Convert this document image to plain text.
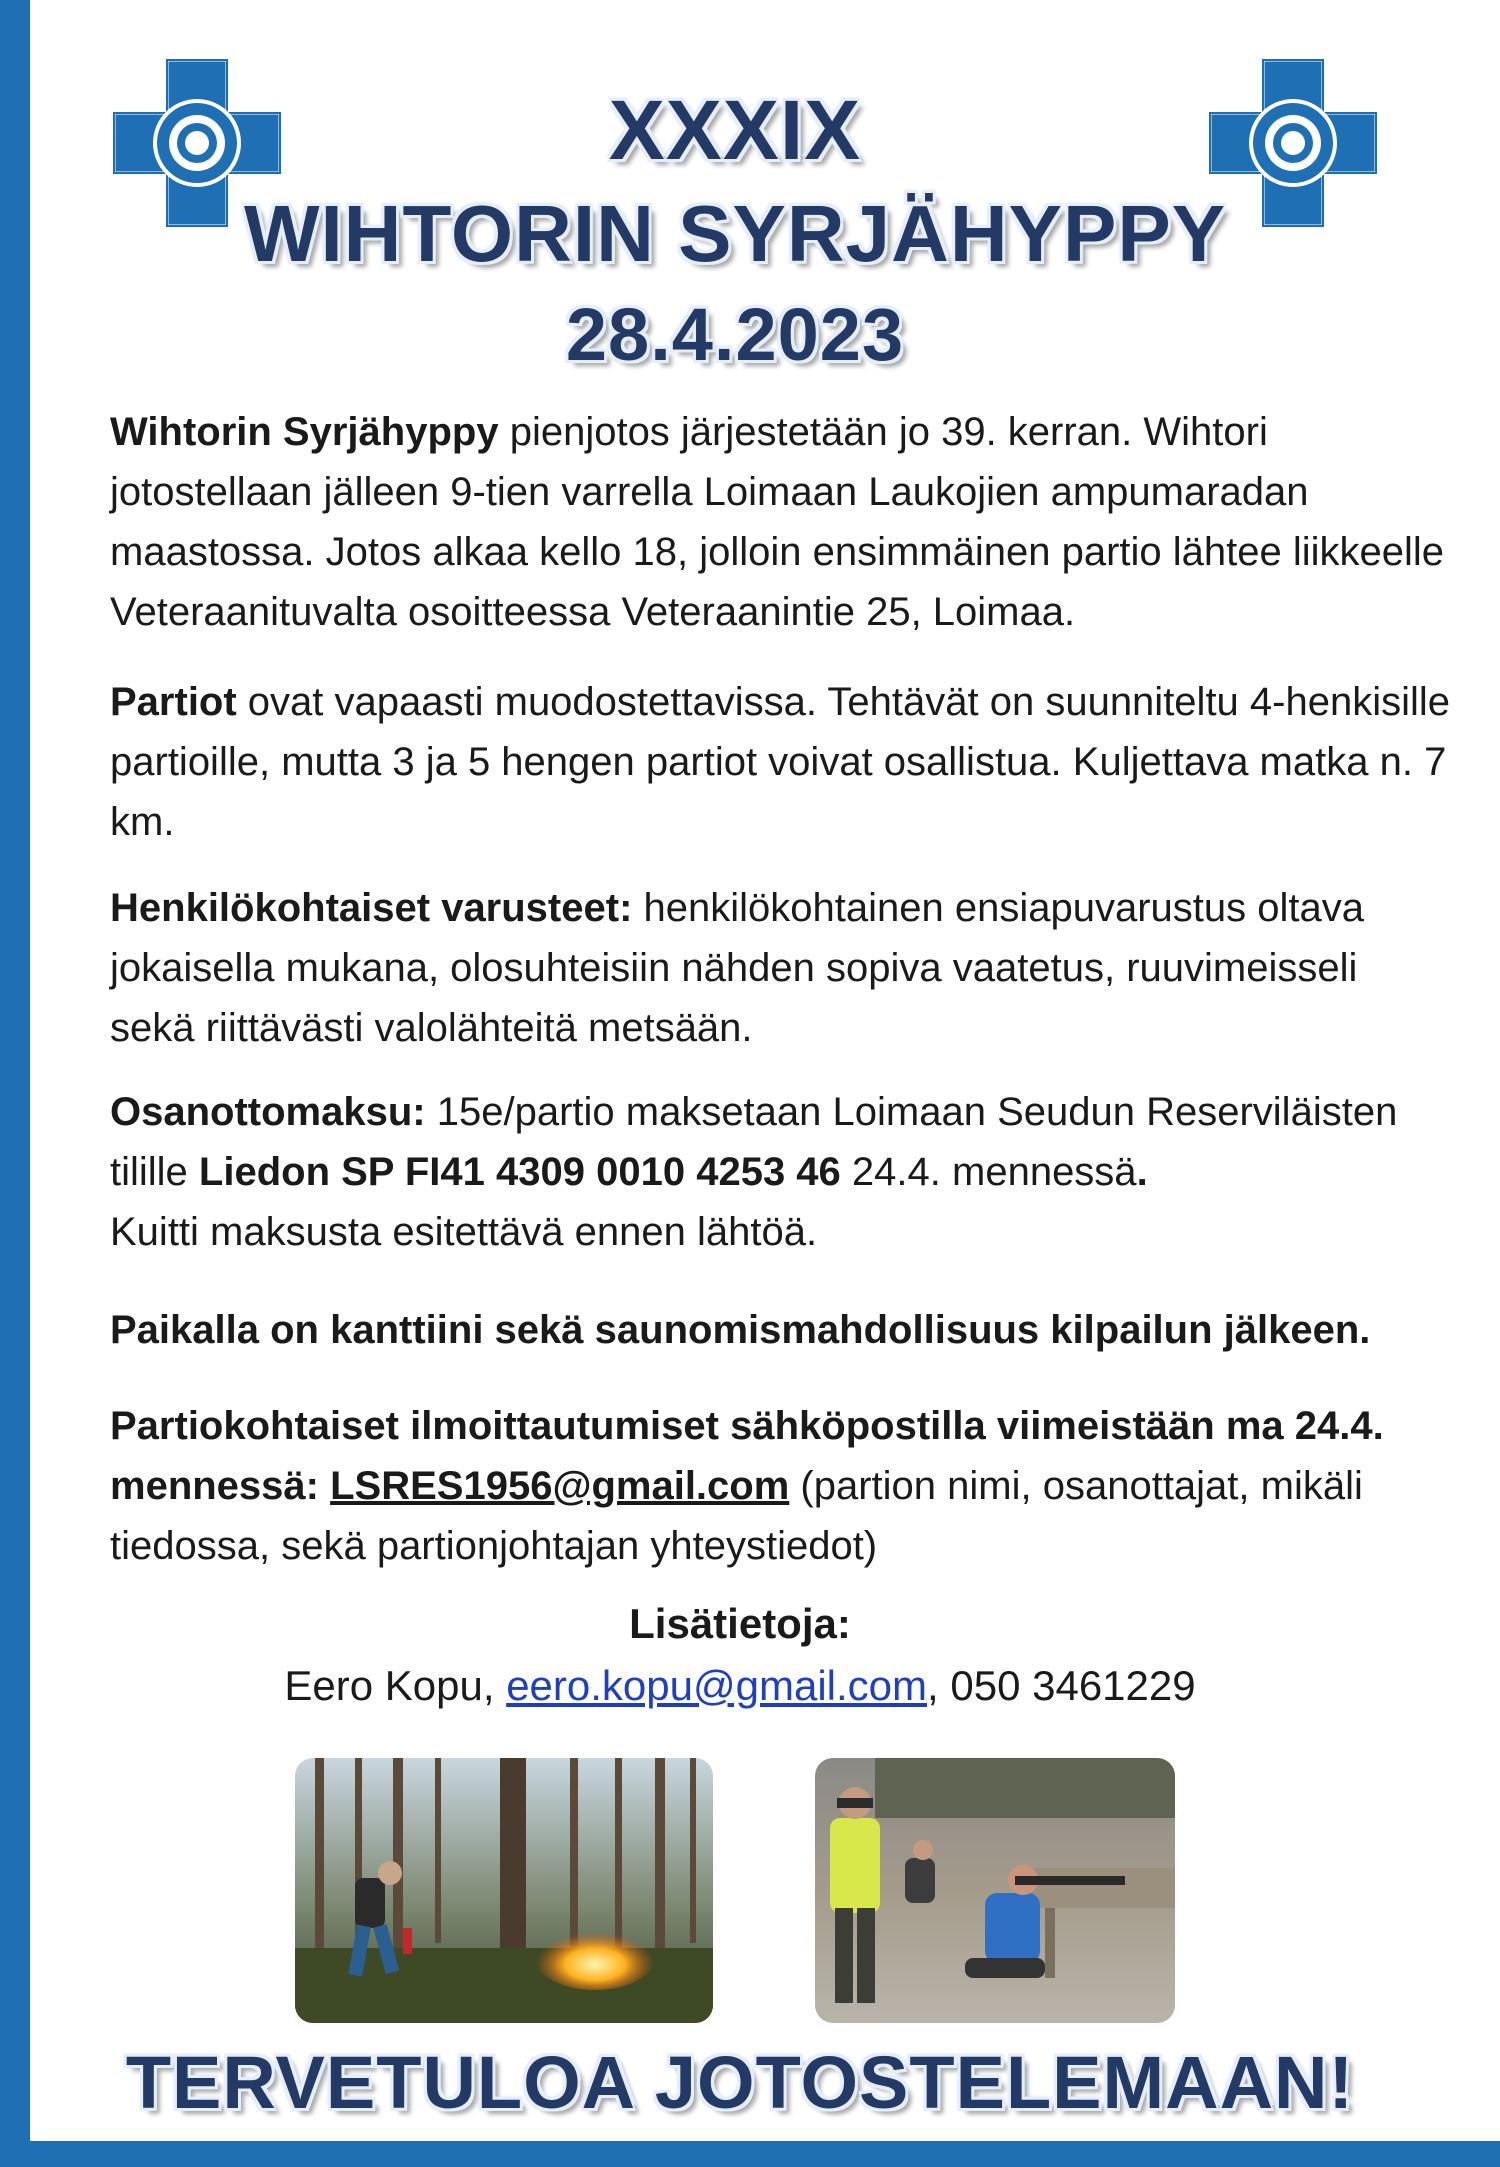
XXXIX
WIHTORIN SYRJÄHYPPY
28.4.2023
Wihtorin Syrjähyppy pienjotos järjestetään jo 39. kerran. Wihtori jotostellaan jälleen 9-tien varrella Loimaan Laukojien ampumaradan maastossa. Jotos alkaa kello 18, jolloin ensimmäinen partio lähtee liikkeelle Veteraanituvalta osoitteessa Veteraanintie 25, Loimaa.
Partiot ovat vapaasti muodostettavissa. Tehtävät on suunniteltu 4-henkisille partioille, mutta 3 ja 5 hengen partiot voivat osallistua. Kuljettava matka n. 7 km.
Henkilökohtaiset varusteet: henkilökohtainen ensiapuvarustus oltava jokaisella mukana, olosuhteisiin nähden sopiva vaatetus, ruuvimeisseli sekä riittävästi valolähteitä metsään.
Osanottomaksu: 15e/partio maksetaan Loimaan Seudun Reserviläisten tilille Liedon SP FI41 4309 0010 4253 46 24.4. mennessä.
Kuitti maksusta esitettävä ennen lähtöä.
Paikalla on kanttiini sekä saunomismahdollisuus kilpailun jälkeen.
Partiokohtaiset ilmoittautumiset sähköpostilla viimeistään ma 24.4. mennessä: LSRES1956@gmail.com (partion nimi, osanottajat, mikäli tiedossa, sekä partionjohtajan yhteystiedot)
Lisätietoja:
Eero Kopu, eero.kopu@gmail.com, 050 3461229
TERVETULOA JOTOSTELEMAAN!
